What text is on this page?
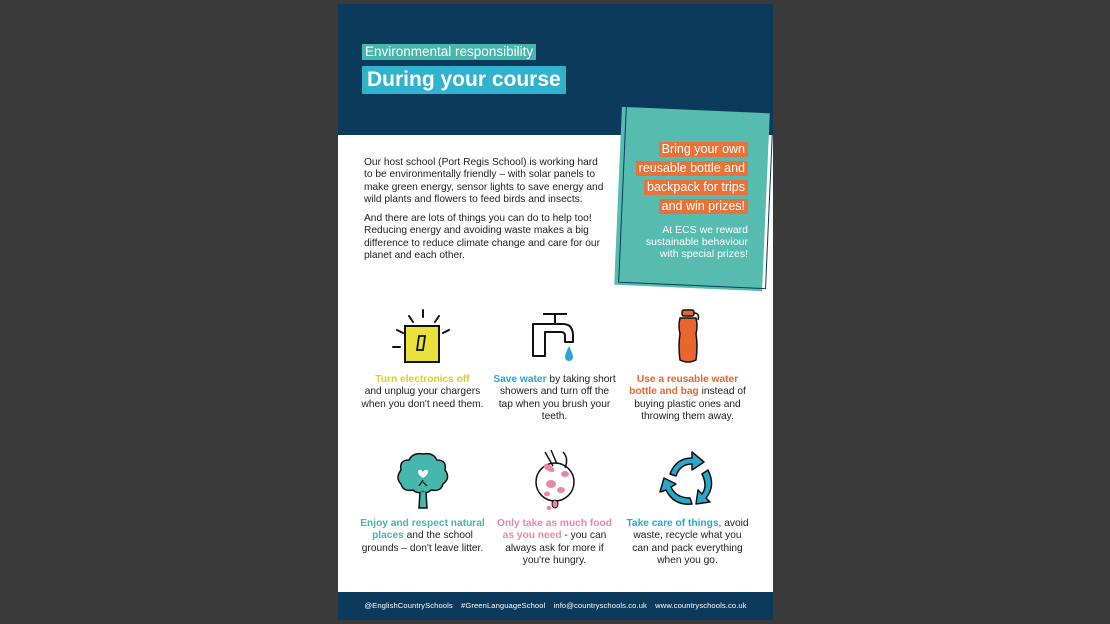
Environmental responsibility
During your course
Bring your own
reusable bottle and
backpack for trips
and win prizes!
At ECS we reward
sustainable behaviour
with special prizes!

Our host school (Port Regis School) is working hard to be environmentally friendly – with solar panels to make green energy, sensor lights to save energy and wild plants and flowers to feed birds and insects.

And there are lots of things you can do to help too! Reducing energy and avoiding waste makes a big difference to reduce climate change and care for our planet and each other.

Turn electronics off
and unplug your chargers when you don't need them.
Save water by taking short showers and turn off the tap when you brush your teeth.
Use a reusable water bottle and bag instead of buying plastic ones and throwing them away.
Enjoy and respect natural places and the school grounds – don't leave litter.
Only take as much food as you need - you can always ask for more if you're hungry.
Take care of things, avoid waste, recycle what you can and pack everything when you go.
@EnglishCountrySchools #GreenLanguageSchool info@countryschools.co.uk www.countryschools.co.uk
